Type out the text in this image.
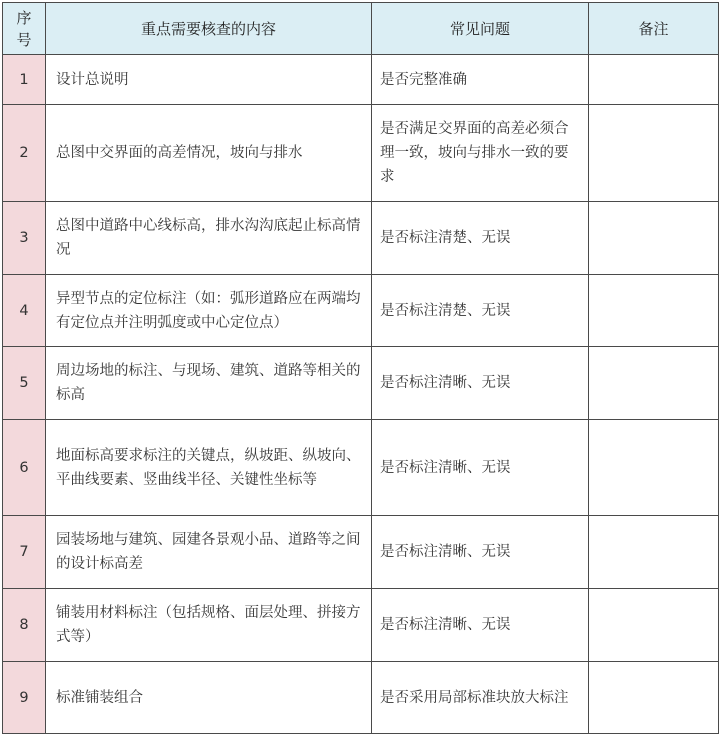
序
号	重点需要核查的内容	常见问题	备注
1	设计总说明	是否完整准确	
2	总图中交界面的高差情况，坡向与排水	是否满足交界面的高差必须合理一致，坡向与排水一致的要求	
3	总图中道路中心线标高，排水沟沟底起止标高情况	是否标注清楚、无误	
4	异型节点的定位标注（如：弧形道路应在两端均有定位点并注明弧度或中心定位点）	是否标注清楚、无误	
5	周边场地的标注、与现场、建筑、道路等相关的标高	是否标注清晰、无误	
6	地面标高要求标注的关键点，纵坡距、纵坡向、平曲线要素、竖曲线半径、关键性坐标等	是否标注清晰、无误	
7	园装场地与建筑、园建各景观小品、道路等之间的设计标高差	是否标注清晰、无误	
8	铺装用材料标注（包括规格、面层处理、拼接方式等）	是否标注清晰、无误	
9	标准铺装组合	是否采用局部标准块放大标注	
